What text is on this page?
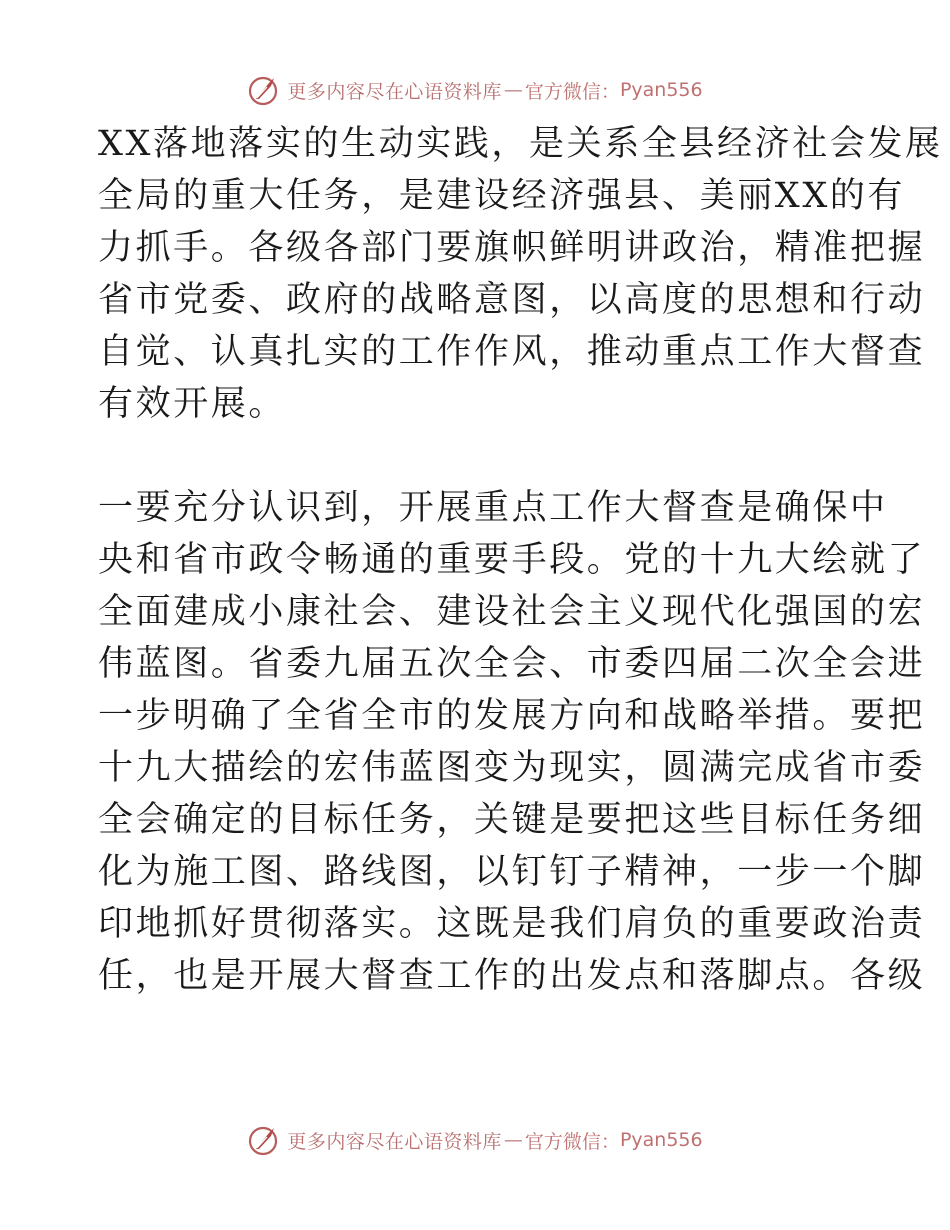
更多内容尽在心语资料库 — 官方微信： Pyan556
XX落地落实的生动实践，是关系全县经济社会发展
全局的重大任务，是建设经济强县、美丽XX的有
力抓手。各级各部门要旗帜鲜明讲政治，精准把握
省市党委、政府的战略意图，以高度的思想和行动
自觉、认真扎实的工作作风，推动重点工作大督查
有效开展。
一要充分认识到，开展重点工作大督查是确保中
央和省市政令畅通的重要手段。党的十九大绘就了
全面建成小康社会、建设社会主义现代化强国的宏
伟蓝图。省委九届五次全会、市委四届二次全会进
一步明确了全省全市的发展方向和战略举措。要把
十九大描绘的宏伟蓝图变为现实，圆满完成省市委
全会确定的目标任务，关键是要把这些目标任务细
化为施工图、路线图，以钉钉子精神，一步一个脚
印地抓好贯彻落实。这既是我们肩负的重要政治责
任，也是开展大督查工作的出发点和落脚点。各级
更多内容尽在心语资料库 — 官方微信： Pyan556
